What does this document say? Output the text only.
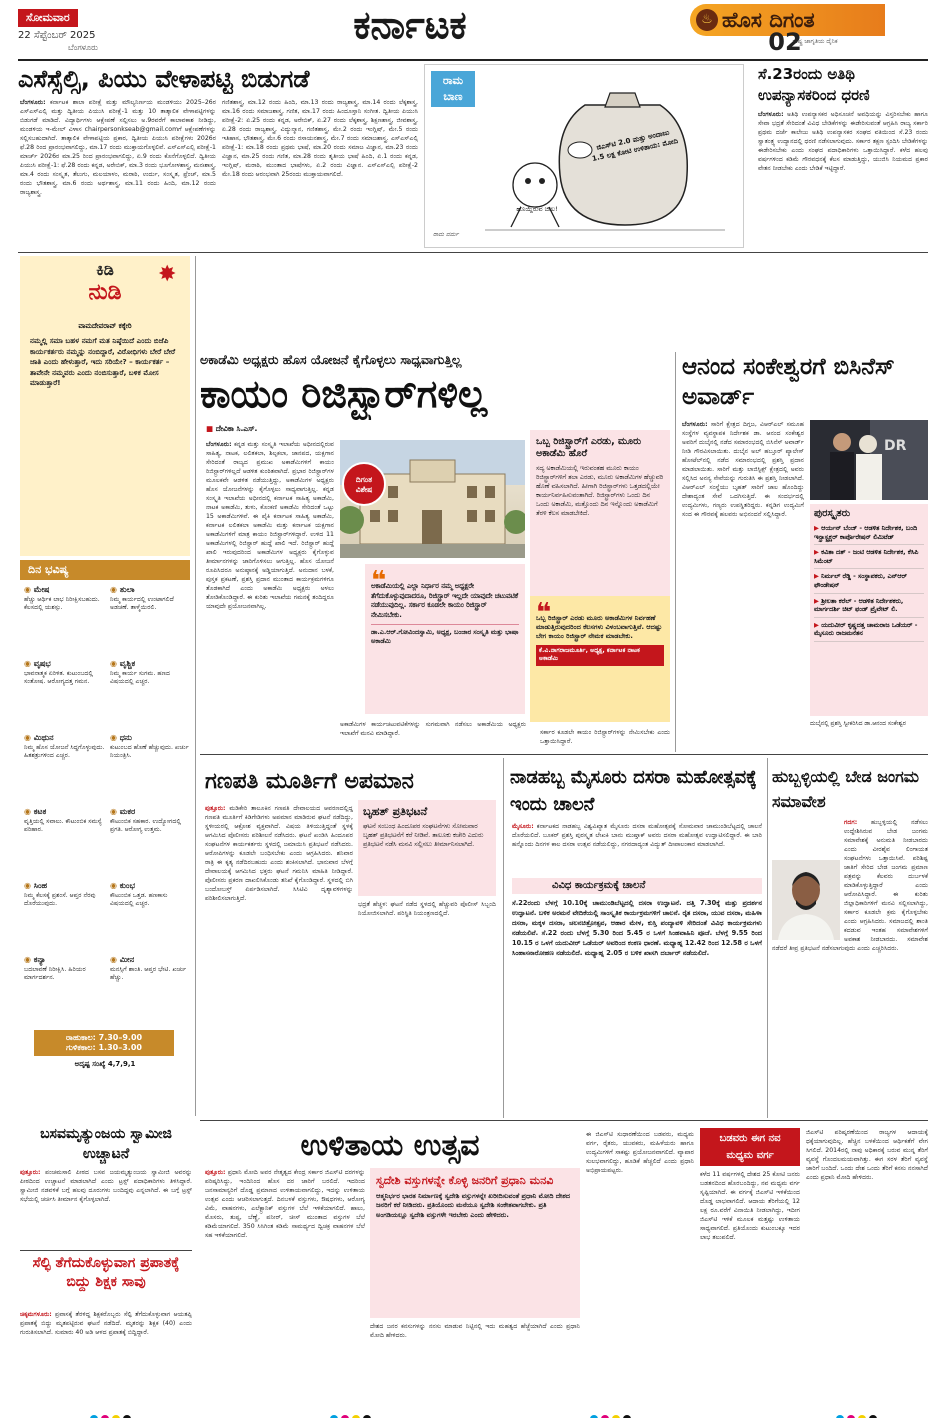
ಸೋಮವಾರ
22 ಸೆಪ್ಟೆಂಬರ್ 2025
ಬೆಂಗಳೂರು
ಕರ್ನಾಟಕ	♨ ಹೊಸ ದಿಗಂತ
ರಾಷ್ಟ್ರ ಜಾಗೃತಿಯ ದೈನಿಕ
02
ಎಸೆಸ್ಸೆಲ್ಸಿ, ಪಿಯು ವೇಳಾಪಟ್ಟಿ ಬಿಡುಗಡೆ
ಬೆಂಗಳೂರು: ಕರ್ನಾಟಕ ಶಾಲಾ ಪರೀಕ್ಷೆ ಮತ್ತು ಮೌಲ್ಯನಿರ್ಣಯ ಮಂಡಳಿಯು 2025–26ರ ಎಸ್ಎಸ್ಎಲ್ಸಿ ಮತ್ತು ದ್ವಿತೀಯ ಪಿಯುಸಿ ಪರೀಕ್ಷೆ-1 ಮತ್ತು 10 ತಾತ್ಕಾಲಿಕ ವೇಳಾಪಟ್ಟಿಗಳನ್ನು ಬಿಡುಗಡೆ ಮಾಡಿದೆ. ವಿದ್ಯಾರ್ಥಿಗಳು ಆಕ್ಷೇಪಣೆ ಸಲ್ಲಿಸಲು ಅ.9ರವರೆಗೆ ಕಾಲಾವಕಾಶ ನೀಡಿದ್ದು, ಮಂಡಳಿಯ ಇ-ಮೇಲ್ ವಿಳಾಸ chairpersonkseab@gmail.comಗೆ ಆಕ್ಷೇಪಣೆಗಳನ್ನು ಸಲ್ಲಿಸಬಹುದಾಗಿದೆ. ತಾತ್ಕಾಲಿಕ ವೇಳಾಪಟ್ಟಿಯ ಪ್ರಕಾರ, ದ್ವಿತೀಯ ಪಿಯುಸಿ ಪರೀಕ್ಷೆಗಳು 2026ರ ಫೆ.28 ರಿಂದ ಪ್ರಾರಂಭವಾಗಲಿದ್ದು, ಮಾ.17 ರಂದು ಮುಕ್ತಾಯಗೊಳ್ಳಲಿವೆ. ಎಸ್ಎಸ್ಎಲ್ಸಿ ಪರೀಕ್ಷೆ-1 ಮಾರ್ಚ್ 2026ರ ಮಾ.25 ರಿಂದ ಪ್ರಾರಂಭವಾಗಲಿದ್ದು, ಏ.9 ರಂದು ಕೊನೆಗೊಳ್ಳಲಿದೆ. ದ್ವಿತೀಯ ಪಿಯುಸಿ ಪರೀಕ್ಷೆ-1: ಫೆ.28 ರಂದು ಕನ್ನಡ, ಅರೇಬಿಕ್, ಮಾ.3 ರಂದು ಭೂಗೋಳಶಾಸ್ತ್ರ, ಮನಃಶಾಸ್ತ್ರ, ಮಾ.4 ರಂದು ಸಂಸ್ಕೃತ, ತೆಲುಗು, ಮಲಯಾಳಂ, ಮರಾಠಿ, ಉರ್ದು, ಸಂಸ್ಕೃತ, ಫ್ರೆಂಚ್, ಮಾ.5 ರಂದು ಭೌತಶಾಸ್ತ್ರ, ಮಾ.6 ರಂದು ಅರ್ಥಶಾಸ್ತ್ರ, ಮಾ.11 ರಂದು ಹಿಂದಿ, ಮಾ.12 ರಂದು ರಾಜ್ಯಶಾಸ್ತ್ರ.
ಗಣಿತಶಾಸ್ತ್ರ, ಮಾ.12 ರಂದು ಹಿಂದಿ, ಮಾ.13 ರಂದು ರಾಜ್ಯಶಾಸ್ತ್ರ, ಮಾ.14 ರಂದು ಲೆಕ್ಕಶಾಸ್ತ್ರ, ಮಾ.16 ರಂದು ಸಮಾಜಶಾಸ್ತ್ರ, ಗಣಿತ, ಮಾ.17 ರಂದು ಹಿಂದೂಸ್ತಾನಿ ಸಂಗೀತ. ದ್ವಿತೀಯ ಪಿಯುಸಿ ಪರೀಕ್ಷೆ-2: ಏ.25 ರಂದು ಕನ್ನಡ, ಅರೇಬಿಕ್, ಏ.27 ರಂದು ಲೆಕ್ಕಶಾಸ್ತ್ರ, ಶಿಕ್ಷಣಶಾಸ್ತ್ರ, ಜೀವಶಾಸ್ತ್ರ, ಏ.28 ರಂದು ರಾಜ್ಯಶಾಸ್ತ್ರ, ವಿದ್ಯುನ್ಮಾನ, ಗಣಿತಶಾಸ್ತ್ರ, ಮೇ.2 ರಂದು ಇಂಗ್ಲಿಷ್, ಮೇ.5 ರಂದು ಇತಿಹಾಸ, ಭೌತಶಾಸ್ತ್ರ, ಮೇ.6 ರಂದು ರಸಾಯನಶಾಸ್ತ್ರ, ಮೇ.7 ರಂದು ಸಮಾಜಶಾಸ್ತ್ರ. ಎಸ್ಎಸ್ಎಲ್ಸಿ ಪರೀಕ್ಷೆ-1: ಮಾ.18 ರಂದು ಪ್ರಥಮ ಭಾಷೆ, ಮಾ.20 ರಂದು ಸಮಾಜ ವಿಜ್ಞಾನ, ಮಾ.23 ರಂದು ವಿಜ್ಞಾನ, ಮಾ.25 ರಂದು ಗಣಿತ, ಮಾ.28 ರಂದು ತೃತೀಯ ಭಾಷೆ ಹಿಂದಿ, ಏ.1 ರಂದು ಕನ್ನಡ, ಇಂಗ್ಲಿಷ್, ಮರಾಠಿ, ಮುಂತಾದ ಭಾಷೆಗಳು, ಏ.2 ರಂದು ವಿಜ್ಞಾನ. ಎಸ್ಎಸ್ಎಲ್ಸಿ ಪರೀಕ್ಷೆ-2 ಮೇ.18 ರಂದು ಆರಂಭವಾಗಿ 25ರಂದು ಮುಕ್ತಾಯವಾಗಲಿದೆ.
ರಾಮ
ಬಾಣ
ಜಿಎಸ್‌ಟಿ 2.0 ಮತ್ತು ಅಂದಾಜು 1.5 ಲಕ್ಷ ಕೋಟಿ ಉಳಿತಾಯ: ಮೋದಿ
ಹೊಯ್ದಿರುವ ಚೀಲ!
ರಾಮ ವರ್ಮ
ಸೆ.23ರಂದು ಅತಿಥಿ ಉಪನ್ಯಾಸಕರಿಂದ ಧರಣಿ
ಬೆಂಗಳೂರು: ಅತಿಥಿ ಉಪನ್ಯಾಸಕರ ಅಧಿಸೂಚನೆ ಅವಧಿಯನ್ನು ವಿಸ್ತರಿಸಬೇಕು ಹಾಗೂ ಸೇವಾ ಭದ್ರತೆ ಸೇರಿದಂತೆ ವಿವಿಧ ಬೇಡಿಕೆಗಳನ್ನು ಈಡೇರಿಸುವಂತೆ ಆಗ್ರಹಿಸಿ ರಾಜ್ಯ ಸರ್ಕಾರಿ ಪ್ರಥಮ ದರ್ಜೆ ಕಾಲೇಜು ಅತಿಥಿ ಉಪನ್ಯಾಸಕರ ಸಂಘದ ವತಿಯಿಂದ ಸೆ.23 ರಂದು ಸ್ವಾತಂತ್ರ್ಯ ಉದ್ಯಾನದಲ್ಲಿ ಧರಣಿ ನಡೆಸಲಾಗುವುದು. ಸರ್ಕಾರ ತಕ್ಷಣ ಸ್ಪಂದಿಸಿ ಬೇಡಿಕೆಗಳನ್ನು ಈಡೇರಿಸಬೇಕು ಎಂದು ಸಂಘದ ಪದಾಧಿಕಾರಿಗಳು ಒತ್ತಾಯಿಸಿದ್ದಾರೆ. ಕಳೆದ ಹಲವು ವರ್ಷಗಳಿಂದ ಕಡಿಮೆ ಗೌರವಧನಕ್ಕೆ ಕೆಲಸ ಮಾಡುತ್ತಿದ್ದು, ಯುಜಿಸಿ ನಿಯಮದ ಪ್ರಕಾರ ವೇತನ ನೀಡಬೇಕು ಎಂದು ಬೇಡಿಕೆ ಇಟ್ಟಿದ್ದಾರೆ.
ಕಿಡಿ
ನುಡಿ
✸
ವಾಮದೇವರಾವ್ ಕಕ್ಕೇರಿ
ನಮ್ಮಲ್ಲಿ ಸಮಾ ಬಹಳ ನಮಗೆ ಮತ ನಿಷ್ಠೆಯಿದೆ ಎಂದು ಬಿಜೆಪಿ ಕಾರ್ಯಕರ್ತರು ನಮ್ಮನ್ನು ನಂಬಿದ್ದಾರೆ, ವಿರೋಧಿಗಳು ಬೇರೆ ಬೇರೆ ಜಾತಿ ಎಂದು ಹೇಳುತ್ತಾರೆ, ಇದು ಸರಿಯೇ? – ಕಾರ್ಯಕರ್ತ – ತಾವೇನೇ ನಮ್ಮವರು ಎಂದು ನಂಬಿಸುತ್ತಾರೆ, ಬಳಿಕ ಮೋಸ ಮಾಡುತ್ತಾರೆ!
ದಿನ ಭವಿಷ್ಯ
◉ ಮೇಷ
ಹೆಚ್ಚು ಆರ್ಥಿಕ ಲಾಭ ನಿರೀಕ್ಷಿಸಬಹುದು. ಕೆಲಸದಲ್ಲಿ ಯಶಸ್ಸು.
◉ ತುಲಾ
ನಿಮ್ಮ ಕಾರ್ಯದಲ್ಲಿ ಉಂಟಾಗಲಿದೆ ಅಡಚಣೆ. ತಾಳ್ಮೆಯಿರಲಿ.
◉ ವೃಷಭ
ಭಾವನಾತ್ಮಕ ಏರಿಳಿತ. ಕುಟುಂಬದಲ್ಲಿ ಸಂತೋಷ. ಆರೋಗ್ಯದತ್ತ ಗಮನ.
◉ ವೃಶ್ಚಿಕ
ನಿಮ್ಮ ಕಾರ್ಯ ಸುಗಮ. ಹಣದ ವಿಷಯದಲ್ಲಿ ಎಚ್ಚರ.
◉ ಮಿಥುನ
ನಿಮ್ಮ ಹೊಸ ಯೋಜನೆ ಸಿದ್ಧಗೊಳ್ಳುವುದು. ಹಿತಶತ್ರುಗಳಿಂದ ಎಚ್ಚರ.
◉ ಧನು
ಕುಟುಂಬದ ಹೊಣೆ ಹೆಚ್ಚುವುದು. ಖರ್ಚು ನಿಯಂತ್ರಿಸಿ.
◉ ಕಟಕ
ವೃತ್ತಿಯಲ್ಲಿ ಸವಾಲು. ಕೌಟುಂಬಿಕ ಸಮಸ್ಯೆ ಪರಿಹಾರ.
◉ ಮಕರ
ಕೌಟುಂಬಿಕ ಸಹಕಾರ. ಉದ್ಯೋಗದಲ್ಲಿ ಪ್ರಗತಿ. ಆರೋಗ್ಯ ಉತ್ತಮ.
◉ ಸಿಂಹ
ನಿಮ್ಮ ಕೆಲಸಕ್ಕೆ ಪ್ರಶಂಸೆ. ಆಪ್ತರ ನೆರವು ದೊರೆಯುವುದು.
◉ ಕುಂಭ
ಕೌಟುಂಬಿಕ ಒತ್ತಡ. ಹಣಕಾಸು ವಿಷಯದಲ್ಲಿ ಎಚ್ಚರ.
◉ ಕನ್ಯಾ
ಬದಲಾವಣೆ ನಿರೀಕ್ಷಿಸಿ. ಹಿರಿಯರ ಮಾರ್ಗದರ್ಶನ.
◉ ಮೀನ
ಮನಸ್ಸಿಗೆ ಶಾಂತಿ. ಆಪ್ತರ ಭೇಟಿ. ಖರ್ಚು ಹೆಚ್ಚು.
ರಾಹುಕಾಲ: 7.30–9.00
ಗುಳಿಕಕಾಲ: 1.30–3.00
ಅದೃಷ್ಟ ಸಂಖ್ಯೆ 4,7,9,1
ಅಕಾಡೆಮಿ ಅಧ್ಯಕ್ಷರು ಹೊಸ ಯೋಜನೆ ಕೈಗೊಳ್ಳಲು ಸಾಧ್ಯವಾಗುತ್ತಿಲ್ಲ
ಕಾಯಂ ರಿಜಿಸ್ಟ್ರಾರ್‌ಗಳಿಲ್ಲ
■ ದೇವಿಕಾ ಸಿ.ಎಸ್.
ಬೆಂಗಳೂರು: ಕನ್ನಡ ಮತ್ತು ಸಂಸ್ಕೃತಿ ಇಲಾಖೆಯ ಅಧೀನದಲ್ಲಿರುವ ಸಾಹಿತ್ಯ, ನಾಟಕ, ಲಲಿತಕಲಾ, ಶಿಲ್ಪಕಲಾ, ಜಾನಪದ, ಯಕ್ಷಗಾನ ಸೇರಿದಂತೆ ರಾಜ್ಯದ ಪ್ರಮುಖ ಅಕಾಡೆಮಿಗಳಿಗೆ ಕಾಯಂ ರಿಜಿಸ್ಟ್ರಾರ್‌ಗಳಿಲ್ಲದೆ ಆಡಳಿತ ಕುಂಠಿತವಾಗಿದೆ. ಪ್ರಭಾರ ರಿಜಿಸ್ಟ್ರಾರ್‌ಗಳ ಮೂಲಕವೇ ಆಡಳಿತ ನಡೆಯುತ್ತಿದ್ದು, ಅಕಾಡೆಮಿಗಳ ಅಧ್ಯಕ್ಷರು ಹೊಸ ಯೋಜನೆಗಳನ್ನು ಕೈಗೊಳ್ಳಲು ಸಾಧ್ಯವಾಗುತ್ತಿಲ್ಲ. ಕನ್ನಡ ಸಂಸ್ಕೃತಿ ಇಲಾಖೆಯ ಅಧೀನದಲ್ಲಿ ಕರ್ನಾಟಕ ಸಾಹಿತ್ಯ ಅಕಾಡೆಮಿ, ನಾಟಕ ಅಕಾಡೆಮಿ, ತುಳು, ಕೊಂಕಣಿ ಅಕಾಡೆಮಿ ಸೇರಿದಂತೆ ಒಟ್ಟು 15 ಅಕಾಡೆಮಿಗಳಿವೆ. ಈ ಪೈಕಿ ಕರ್ನಾಟಕ ಸಾಹಿತ್ಯ ಅಕಾಡೆಮಿ, ಕರ್ನಾಟಕ ಲಲಿತಕಲಾ ಅಕಾಡೆಮಿ ಮತ್ತು ಕರ್ನಾಟಕ ಯಕ್ಷಗಾನ ಅಕಾಡೆಮಿಗಳಿಗೆ ಮಾತ್ರ ಕಾಯಂ ರಿಜಿಸ್ಟ್ರಾರ್‌ಗಳಿದ್ದಾರೆ. ಉಳಿದ 11 ಅಕಾಡೆಮಿಗಳಲ್ಲಿ ರಿಜಿಸ್ಟ್ರಾರ್ ಹುದ್ದೆ ಖಾಲಿ ಇದೆ. ರಿಜಿಸ್ಟ್ರಾರ್ ಹುದ್ದೆ ಖಾಲಿ ಇರುವುದರಿಂದ ಅಕಾಡೆಮಿಗಳ ಅಧ್ಯಕ್ಷರು ಕೈಗೊಳ್ಳುವ ತೀರ್ಮಾನಗಳನ್ನು ಜಾರಿಗೊಳಿಸಲು ಆಗುತ್ತಿಲ್ಲ. ಹೊಸ ಯೋಜನೆ ರೂಪಿಸಿದರೂ ಅನುಷ್ಠಾನಕ್ಕೆ ಅಡ್ಡಿಯಾಗುತ್ತಿದೆ. ಅನುದಾನ ಬಳಕೆ, ಪುಸ್ತಕ ಪ್ರಕಟಣೆ, ಪ್ರಶಸ್ತಿ ಪ್ರದಾನ ಮುಂತಾದ ಕಾರ್ಯಕ್ರಮಗಳಿಗೂ ತೊಡಕಾಗಿದೆ ಎಂದು ಅಕಾಡೆಮಿ ಅಧ್ಯಕ್ಷರು ಅಳಲು ತೋಡಿಕೊಂಡಿದ್ದಾರೆ. ಈ ಕುರಿತು ಇಲಾಖೆಯ ಗಮನಕ್ಕೆ ತಂದಿದ್ದರೂ ಯಾವುದೇ ಪ್ರಯೋಜನವಾಗಿಲ್ಲ.
ದಿಗಂತ
ವಿಶೇಷ
ಒಬ್ಬ ರಿಜಿಸ್ಟ್ರಾರ್‌ಗೆ ಎರಡು, ಮೂರು ಅಕಾಡೆಮಿ ಹೊರೆ
ಸದ್ಯ ಅಕಾಡೆಮಿಯಲ್ಲಿ ಇರುವಂತಹ ಮೂರು ಕಾಯಂ ರಿಜಿಸ್ಟ್ರಾರ್‌ಗಳಿಗೆ ತಲಾ ಎರಡು, ಮೂರು ಅಕಾಡೆಮಿಗಳ ಹೆಚ್ಚುವರಿ ಹೊಣೆ ವಹಿಸಲಾಗಿದೆ. ಹೀಗಾಗಿ ರಿಜಿಸ್ಟ್ರಾರ್‌ಗಳು ಒತ್ತಡದಲ್ಲಿಯೇ ಕಾರ್ಯನಿರ್ವಹಿಸುವಂತಾಗಿದೆ. ರಿಜಿಸ್ಟ್ರಾರ್‌ಗಳು ಒಂದು ದಿನ ಒಂದು ಅಕಾಡೆಮಿ, ಮತ್ತೊಂದು ದಿನ ಇನ್ನೊಂದು ಅಕಾಡೆಮಿಗೆ ತೆರಳಿ ಕೆಲಸ ಮಾಡಬೇಕಿದೆ.
❝
ಅಕಾಡೆಮಿಯಲ್ಲಿ ಎಲ್ಲಾ ನಿರ್ಧಾರ ನಮ್ಮ ಅಧ್ಯಕ್ಷರೇ ತೆಗೆದುಕೊಳ್ಳುವುದಾದರೂ, ರಿಜಿಸ್ಟ್ರಾರ್ ಇಲ್ಲದೇ ಯಾವುದೇ ಚಟುವಟಿಕೆ ನಡೆಯುವುದಿಲ್ಲ. ಸರ್ಕಾರ ಕೂಡಲೇ ಕಾಯಂ ರಿಜಿಸ್ಟ್ರಾರ್ ನೇಮಿಸಬೇಕು.
ಡಾ.ಎ.ಆರ್.ಗೋವಿಂದಸ್ವಾಮಿ, ಅಧ್ಯಕ್ಷ, ಬಂಜಾರ ಸಂಸ್ಕೃತಿ ಮತ್ತು ಭಾಷಾ ಅಕಾಡೆಮಿ
❝
ಒಬ್ಬ ರಿಜಿಸ್ಟ್ರಾರ್ ಎರಡು ಮೂರು ಅಕಾಡೆಮಿಗಳ ನಿರ್ವಹಣೆ ಮಾಡುತ್ತಿರುವುದರಿಂದ ಕೆಲಸಗಳು ವಿಳಂಬವಾಗುತ್ತಿವೆ. ಆದಷ್ಟು ಬೇಗ ಕಾಯಂ ರಿಜಿಸ್ಟ್ರಾರ್ ನೇಮಕ ಮಾಡಬೇಕು.
ಕೆ.ವಿ.ನಾಗರಾಜಮೂರ್ತಿ, ಅಧ್ಯಕ್ಷ, ಕರ್ನಾಟಕ ನಾಟಕ ಅಕಾಡೆಮಿ
ಅಕಾಡೆಮಿಗಳ ಕಾರ್ಯಚಟುವಟಿಕೆಗಳನ್ನು ಸುಗಮವಾಗಿ ನಡೆಸಲು ಅಕಾಡೆಮಿಯ ಅಧ್ಯಕ್ಷರು ಇಲಾಖೆಗೆ ಮನವಿ ಮಾಡಿದ್ದಾರೆ.	ಸರ್ಕಾರ ಕೂಡಲೇ ಕಾಯಂ ರಿಜಿಸ್ಟ್ರಾರ್‌ಗಳನ್ನು ನೇಮಿಸಬೇಕು ಎಂದು ಒತ್ತಾಯಿಸಿದ್ದಾರೆ.
ಆನಂದ ಸಂಕೇಶ್ವರಗೆ ಬಿಸಿನೆಸ್ ಅವಾರ್ಡ್
ಬೆಂಗಳೂರು: ಸಾರಿಗೆ ಕ್ಷೇತ್ರದ ದಿಗ್ಗಜ, ವಿಆರ್‌ಎಲ್ ಸಮೂಹ ಸಂಸ್ಥೆಗಳ ವ್ಯವಸ್ಥಾಪಕ ನಿರ್ದೇಶಕ ಡಾ. ಆನಂದ ಸಂಕೇಶ್ವರ ಅವರಿಗೆ ದುಬೈನಲ್ಲಿ ನಡೆದ ಸಮಾರಂಭದಲ್ಲಿ ಬಿಸಿನೆಸ್ ಅವಾರ್ಡ್ ನೀಡಿ ಗೌರವಿಸಲಾಯಿತು. ದುಬೈನ ಅಲ್ ಹಬ್ತೂರ್ ಪ್ಯಾಲೇಸ್ ಹೋಟೆಲ್‌ನಲ್ಲಿ ನಡೆದ ಸಮಾರಂಭದಲ್ಲಿ ಪ್ರಶಸ್ತಿ ಪ್ರದಾನ ಮಾಡಲಾಯಿತು. ಸಾರಿಗೆ ಮತ್ತು ಲಾಜಿಸ್ಟಿಕ್ಸ್ ಕ್ಷೇತ್ರದಲ್ಲಿ ಅವರು ಸಲ್ಲಿಸಿದ ಅನನ್ಯ ಸೇವೆಯನ್ನು ಗುರುತಿಸಿ ಈ ಪ್ರಶಸ್ತಿ ನೀಡಲಾಗಿದೆ. ವಿಆರ್‌ಎಲ್ ಸಂಸ್ಥೆಯು ಬೃಹತ್ ಸಾರಿಗೆ ಜಾಲ ಹೊಂದಿದ್ದು ದೇಶಾದ್ಯಂತ ಸೇವೆ ಒದಗಿಸುತ್ತಿದೆ. ಈ ಸಂದರ್ಭದಲ್ಲಿ ಉದ್ಯಮಿಗಳು, ಗಣ್ಯರು ಉಪಸ್ಥಿತರಿದ್ದರು. ಕನ್ನಡಿಗ ಉದ್ಯಮಿಗೆ ಸಂದ ಈ ಗೌರವಕ್ಕೆ ಹಲವರು ಅಭಿನಂದನೆ ಸಲ್ಲಿಸಿದ್ದಾರೆ.
DR
ಪುರಸ್ಕೃತರು
▶ ಆರ್ಯನ್ ಬೆಂಜ್ - ಆಡಳಿತ ನಿರ್ದೇಶಕ, ಬಂದಿ ಇನ್ಫ್ರಾಸ್ಟ್ರಕ್ಚರ್ ಕಾರ್ಪೊರೇಷನ್ ಲಿಮಿಟೆಡ್
▶ ಕವಿತಾ ದತ್ - ಜಂಟಿ ಆಡಳಿತ ನಿರ್ದೇಶಕ, ಕೆಸಿಪಿ ಸಿಮೆಂಟ್
▶ ನಿರ್ಮಲ್ ರೆಡ್ಡಿ - ಸಂಸ್ಥಾಪಕರು, ಎನ್ಆರ್ ಫೌಂಡೇಷನ್
▶ ಶ್ರೀಲತಾ ಕರೆಲ್ - ಆಡಳಿತ ನಿರ್ದೇಶಕರು, ಮಾರ್ಗದರ್ಶಿ ಚಿಟ್ ಫಂಡ್ ಪ್ರೈವೇಟ್ ಲಿ.
▶ ಯದುವೀರ್ ಕೃಷ್ಣದತ್ತ ಚಾಮರಾಜ ಒಡೆಯರ್ - ಮೈಸೂರು ರಾಜಮನೆತನ
ದುಬೈನಲ್ಲಿ ಪ್ರಶಸ್ತಿ ಸ್ವೀಕರಿಸಿದ ಡಾ.ಆನಂದ ಸಂಕೇಶ್ವರ
ಗಣಪತಿ ಮೂರ್ತಿಗೆ ಅಪಮಾನ
ಪುತ್ತೂರು: ಮಡಿಕೇರಿ ತಾಲೂಕಿನ ಗಣಪತಿ ದೇವಾಲಯದ ಆವರಣದಲ್ಲಿದ್ದ ಗಣಪತಿ ಮೂರ್ತಿಗೆ ಕಿಡಿಗೇಡಿಗಳು ಅಪಮಾನ ಮಾಡಿರುವ ಘಟನೆ ನಡೆದಿದ್ದು, ಸ್ಥಳೀಯರಲ್ಲಿ ಆಕ್ರೋಶ ವ್ಯಕ್ತವಾಗಿದೆ. ವಿಷಯ ತಿಳಿಯುತ್ತಿದ್ದಂತೆ ಸ್ಥಳಕ್ಕೆ ಆಗಮಿಸಿದ ಪೊಲೀಸರು ಪರಿಶೀಲನೆ ನಡೆಸಿದರು. ಘಟನೆ ಖಂಡಿಸಿ ಹಿಂದೂಪರ ಸಂಘಟನೆಗಳ ಕಾರ್ಯಕರ್ತರು ಸ್ಥಳದಲ್ಲಿ ಜಮಾಯಿಸಿ ಪ್ರತಿಭಟನೆ ನಡೆಸಿದರು. ಆರೋಪಿಗಳನ್ನು ಕೂಡಲೇ ಬಂಧಿಸಬೇಕು ಎಂದು ಆಗ್ರಹಿಸಿದರು. ಶನಿವಾರ ರಾತ್ರಿ ಈ ಕೃತ್ಯ ನಡೆದಿರಬಹುದು ಎಂದು ಶಂಕಿಸಲಾಗಿದೆ. ಭಾನುವಾರ ಬೆಳಗ್ಗೆ ದೇವಾಲಯಕ್ಕೆ ಆಗಮಿಸಿದ ಭಕ್ತರು ಘಟನೆ ಗಮನಿಸಿ ಮಾಹಿತಿ ನೀಡಿದ್ದಾರೆ. ಪೊಲೀಸರು ಪ್ರಕರಣ ದಾಖಲಿಸಿಕೊಂಡು ತನಿಖೆ ಕೈಗೊಂಡಿದ್ದಾರೆ. ಸ್ಥಳದಲ್ಲಿ ಬಿಗಿ ಬಂದೋಬಸ್ತ್ ಏರ್ಪಡಿಸಲಾಗಿದೆ. ಸಿಸಿಟಿವಿ ದೃಶ್ಯಾವಳಿಗಳನ್ನು ಪರಿಶೀಲಿಸಲಾಗುತ್ತಿದೆ.
ಬೃಹತ್ ಪ್ರತಿಭಟನೆ
ಘಟನೆ ಸಂಬಂಧ ಹಿಂದೂಪರ ಸಂಘಟನೆಗಳು ಸೋಮವಾರ ಬೃಹತ್ ಪ್ರತಿಭಟನೆಗೆ ಕರೆ ನೀಡಿವೆ. ತಾಲೂಕು ಕಚೇರಿ ಎದುರು ಪ್ರತಿಭಟನೆ ನಡೆಸಿ ಮನವಿ ಸಲ್ಲಿಸಲು ತೀರ್ಮಾನಿಸಲಾಗಿದೆ.
ಭದ್ರತೆ ಹೆಚ್ಚಳ: ಘಟನೆ ನಡೆದ ಸ್ಥಳದಲ್ಲಿ ಹೆಚ್ಚುವರಿ ಪೊಲೀಸ್ ಸಿಬ್ಬಂದಿ ನಿಯೋಜಿಸಲಾಗಿದೆ. ಪರಿಸ್ಥಿತಿ ನಿಯಂತ್ರಣದಲ್ಲಿದೆ.
ನಾಡಹಬ್ಬ ಮೈಸೂರು ದಸರಾ ಮಹೋತ್ಸವಕ್ಕೆ ಇಂದು ಚಾಲನೆ
ಮೈಸೂರು: ಕರ್ನಾಟಕದ ನಾಡಹಬ್ಬ ವಿಶ್ವವಿಖ್ಯಾತ ಮೈಸೂರು ದಸರಾ ಮಹೋತ್ಸವಕ್ಕೆ ಸೋಮವಾರ ಚಾಮುಂಡಿಬೆಟ್ಟದಲ್ಲಿ ಚಾಲನೆ ದೊರೆಯಲಿದೆ. ಬೂಕರ್ ಪ್ರಶಸ್ತಿ ಪುರಸ್ಕೃತ ಲೇಖಕಿ ಬಾನು ಮುಷ್ತಾಕ್ ಅವರು ದಸರಾ ಮಹೋತ್ಸವ ಉದ್ಘಾಟಿಸಲಿದ್ದಾರೆ. ಈ ಬಾರಿ ಹನ್ನೊಂದು ದಿನಗಳ ಕಾಲ ದಸರಾ ಉತ್ಸವ ನಡೆಯಲಿದ್ದು, ನಗರದಾದ್ಯಂತ ವಿದ್ಯುತ್ ದೀಪಾಲಂಕಾರ ಮಾಡಲಾಗಿದೆ.
ವಿವಿಧ ಕಾರ್ಯಕ್ರಮಕ್ಕೆ ಚಾಲನೆ
ಸೆ.22ರಂದು ಬೆಳಗ್ಗೆ 10.10ಕ್ಕೆ ಚಾಮುಂಡಿಬೆಟ್ಟದಲ್ಲಿ ದಸರಾ ಉದ್ಘಾಟನೆ. ದತ್ತಿ 7.30ಕ್ಕೆ ಮತ್ತು ಪ್ರದರ್ಶನ ಉದ್ಘಾಟನೆ. ಬಳಿಕ ಅರಮನೆ ವೇದಿಕೆಯಲ್ಲಿ ಸಾಂಸ್ಕೃತಿಕ ಕಾರ್ಯಕ್ರಮಗಳಿಗೆ ಚಾಲನೆ. ರೈತ ದಸರಾ, ಯುವ ದಸರಾ, ಮಹಿಳಾ ದಸರಾ, ಮಕ್ಕಳ ದಸರಾ, ಚಲನಚಿತ್ರೋತ್ಸವ, ಆಹಾರ ಮೇಳ, ಕುಸ್ತಿ ಪಂದ್ಯಾವಳಿ ಸೇರಿದಂತೆ ವಿವಿಧ ಕಾರ್ಯಕ್ರಮಗಳು ನಡೆಯಲಿವೆ. ಸೆ.22 ರಂದು ಬೆಳಗ್ಗೆ 5.30 ರಿಂದ 5.45 ರ ಒಳಗೆ ಸಿಂಹವಾಹಿನಿ ಪೂಜೆ. ಬೆಳಗ್ಗೆ 9.55 ರಿಂದ 10.15 ರ ಒಳಗೆ ಯದುವೀರ್ ಒಡೆಯರ್ ಅವರಿಂದ ಕಂಕಣ ಧಾರಣೆ. ಮಧ್ಯಾಹ್ನ 12.42 ರಿಂದ 12.58 ರ ಒಳಗೆ ಸಿಂಹಾಸನಾರೋಹಣ ನಡೆಯಲಿದೆ. ಮಧ್ಯಾಹ್ನ 2.05 ರ ಬಳಿಕ ಖಾಸಗಿ ದರ್ಬಾರ್ ನಡೆಯಲಿದೆ.
ಹುಬ್ಬಳ್ಳಿಯಲ್ಲಿ ಬೇಡ ಜಂಗಮ ಸಮಾವೇಶ
ಗದಗ: ಹುಬ್ಬಳ್ಳಿಯಲ್ಲಿ ನಡೆಸಲು ಉದ್ದೇಶಿಸಿರುವ ಬೇಡ ಜಂಗಮ ಸಮಾವೇಶಕ್ಕೆ ಅನುಮತಿ ನೀಡಬಾರದು ಎಂದು ವೀರಶೈವ ಲಿಂಗಾಯತ ಸಂಘಟನೆಗಳು ಒತ್ತಾಯಿಸಿವೆ. ಪರಿಶಿಷ್ಟ ಜಾತಿಗೆ ಸೇರಿದ ಬೇಡ ಜಂಗಮ ಪ್ರಮಾಣ ಪತ್ರವನ್ನು ಕೆಲವರು ದುರ್ಬಳಕೆ ಮಾಡಿಕೊಳ್ಳುತ್ತಿದ್ದಾರೆ ಎಂದು ಆರೋಪಿಸಿದ್ದಾರೆ. ಈ ಕುರಿತು ಜಿಲ್ಲಾಧಿಕಾರಿಗಳಿಗೆ ಮನವಿ ಸಲ್ಲಿಸಲಾಗಿದ್ದು, ಸರ್ಕಾರ ಕೂಡಲೇ ಕ್ರಮ ಕೈಗೊಳ್ಳಬೇಕು ಎಂದು ಆಗ್ರಹಿಸಿದರು. ಸಮಾಜದಲ್ಲಿ ಶಾಂತಿ ಕದಡುವ ಇಂತಹ ಸಮಾವೇಶಗಳಿಗೆ ಅವಕಾಶ ನೀಡಬಾರದು. ಸಮಾವೇಶ ನಡೆದರೆ ತೀವ್ರ ಪ್ರತಿಭಟನೆ ನಡೆಸಲಾಗುವುದು ಎಂದು ಎಚ್ಚರಿಸಿದರು.
ಬಸವಮೃತ್ಯುಂಜಯ ಸ್ವಾಮೀಜಿ ಉಚ್ಚಾಟನೆ
ಪುತ್ತೂರು: ಪಂಚಮಸಾಲಿ ಪೀಠದ ಬಸವ ಜಯಮೃತ್ಯುಂಜಯ ಸ್ವಾಮೀಜಿ ಅವರನ್ನು ಪೀಠದಿಂದ ಉಚ್ಚಾಟನೆ ಮಾಡಲಾಗಿದೆ ಎಂದು ಟ್ರಸ್ಟ್ ಪದಾಧಿಕಾರಿಗಳು ತಿಳಿಸಿದ್ದಾರೆ. ಸ್ವಾಮೀಜಿ ನಡವಳಿಕೆ ಬಗ್ಗೆ ಹಲವು ದೂರುಗಳು ಬಂದಿದ್ದವು ಎನ್ನಲಾಗಿದೆ. ಈ ಬಗ್ಗೆ ಟ್ರಸ್ಟ್ ಸಭೆಯಲ್ಲಿ ಚರ್ಚಿಸಿ ತೀರ್ಮಾನ ಕೈಗೊಳ್ಳಲಾಗಿದೆ.
ಸೆಲ್ಫಿ ತೆಗೆದುಕೊಳ್ಳುವಾಗ ಪ್ರಪಾತಕ್ಕೆ ಬಿದ್ದು ಶಿಕ್ಷಕ ಸಾವು
ಚಿಕ್ಕಮಗಳೂರು: ಪ್ರವಾಸಕ್ಕೆ ತೆರಳಿದ್ದ ಶಿಕ್ಷಕರೊಬ್ಬರು ಸೆಲ್ಫಿ ತೆಗೆದುಕೊಳ್ಳುವಾಗ ಆಯತಪ್ಪಿ ಪ್ರಪಾತಕ್ಕೆ ಬಿದ್ದು ಮೃತಪಟ್ಟಿರುವ ಘಟನೆ ನಡೆದಿದೆ. ಮೃತರನ್ನು ಶಿಕ್ಷಕ (40) ಎಂದು ಗುರುತಿಸಲಾಗಿದೆ. ಸುಮಾರು 40 ಅಡಿ ಆಳದ ಪ್ರಪಾತಕ್ಕೆ ಬಿದ್ದಿದ್ದಾರೆ.
ಉಳಿತಾಯ ಉತ್ಸವ
ಪುತ್ತೂರು: ಪ್ರಧಾನಿ ಮೋದಿ ಅವರ ನೇತೃತ್ವದ ಕೇಂದ್ರ ಸರ್ಕಾರ ಜಿಎಸ್‌ಟಿ ದರಗಳನ್ನು ಪರಿಷ್ಕರಿಸಿದ್ದು, ಇಂದಿನಿಂದ ಹೊಸ ದರ ಜಾರಿಗೆ ಬರಲಿದೆ. ಇದರಿಂದ ಜನಸಾಮಾನ್ಯರಿಗೆ ದೊಡ್ಡ ಪ್ರಮಾಣದ ಉಳಿತಾಯವಾಗಲಿದ್ದು, ಇದನ್ನು ಉಳಿತಾಯ ಉತ್ಸವ ಎಂದು ಆಚರಿಸಲಾಗುತ್ತದೆ. ದಿನಬಳಕೆ ವಸ್ತುಗಳು, ಔಷಧಗಳು, ಆರೋಗ್ಯ ವಿಮೆ, ವಾಹನಗಳು, ಎಲೆಕ್ಟ್ರಾನಿಕ್ ವಸ್ತುಗಳ ಬೆಲೆ ಇಳಿಕೆಯಾಗಲಿದೆ. ಹಾಲು, ಮೊಸರು, ತುಪ್ಪ, ಬೆಣ್ಣೆ, ಪನೀರ್, ಚೀಸ್ ಮುಂತಾದ ವಸ್ತುಗಳ ಬೆಲೆ ಕಡಿಮೆಯಾಗಲಿದೆ. 350 ಸಿಸಿಗಿಂತ ಕಡಿಮೆ ಸಾಮರ್ಥ್ಯದ ದ್ವಿಚಕ್ರ ವಾಹನಗಳ ಬೆಲೆ ಸಹ ಇಳಿಕೆಯಾಗಲಿದೆ.
ಸ್ವದೇಶಿ ವಸ್ತುಗಳನ್ನೇ ಕೊಳ್ಳಿ ಜನರಿಗೆ ಪ್ರಧಾನಿ ಮನವಿ
ಆತ್ಮನಿರ್ಭರ ಭಾರತ ನಿರ್ಮಾಣಕ್ಕೆ ಸ್ವದೇಶಿ ವಸ್ತುಗಳನ್ನೇ ಖರೀದಿಸುವಂತೆ ಪ್ರಧಾನಿ ಮೋದಿ ದೇಶದ ಜನರಿಗೆ ಕರೆ ನೀಡಿದರು. ಪ್ರತಿಯೊಂದು ಮನೆಯೂ ಸ್ವದೇಶಿ ಸಂಕೇತವಾಗಬೇಕು. ಪ್ರತಿ ಅಂಗಡಿಯಲ್ಲೂ ಸ್ವದೇಶಿ ವಸ್ತುಗಳೇ ಇರಬೇಕು ಎಂದು ಹೇಳಿದರು.
ದೇಶದ ಜನರ ಕನಸುಗಳನ್ನು ನನಸು ಮಾಡುವ ನಿಟ್ಟಿನಲ್ಲಿ ಇದು ಮಹತ್ವದ ಹೆಜ್ಜೆಯಾಗಿದೆ ಎಂದು ಪ್ರಧಾನಿ ಮೋದಿ ಹೇಳಿದರು.
ಈ ಜಿಎಸ್‌ಟಿ ಸುಧಾರಣೆಯಿಂದ ಬಡವರು, ಮಧ್ಯಮ ವರ್ಗ, ರೈತರು, ಯುವಕರು, ಮಹಿಳೆಯರು ಹಾಗೂ ಉದ್ಯಮಿಗಳಿಗೆ ಸಾಕಷ್ಟು ಪ್ರಯೋಜನವಾಗಲಿದೆ. ವ್ಯಾಪಾರ ಸುಲಭವಾಗಲಿದ್ದು, ಹೂಡಿಕೆ ಹೆಚ್ಚಲಿದೆ ಎಂದು ಪ್ರಧಾನಿ ಅಭಿಪ್ರಾಯಪಟ್ಟರು.
ಬಡವರು ಈಗ ನವ
ಮಧ್ಯಮ ವರ್ಗ
ಕಳೆದ 11 ವರ್ಷಗಳಲ್ಲಿ ದೇಶದ 25 ಕೋಟಿ ಜನರು ಬಡತನದಿಂದ ಹೊರಬಂದಿದ್ದು, ನವ ಮಧ್ಯಮ ವರ್ಗ ಸೃಷ್ಟಿಯಾಗಿದೆ. ಈ ವರ್ಗಕ್ಕೆ ಜಿಎಸ್‌ಟಿ ಇಳಿಕೆಯಿಂದ ದೊಡ್ಡ ಲಾಭವಾಗಲಿದೆ. ಆದಾಯ ತೆರಿಗೆಯಲ್ಲಿ 12 ಲಕ್ಷ ರೂ.ವರೆಗೆ ವಿನಾಯಿತಿ ನೀಡಲಾಗಿದ್ದು, ಇದೀಗ ಜಿಎಸ್‌ಟಿ ಇಳಿಕೆ ಮೂಲಕ ಮತ್ತಷ್ಟು ಉಳಿತಾಯ ಸಾಧ್ಯವಾಗಲಿದೆ. ಪ್ರತಿಯೊಂದು ಕುಟುಂಬಕ್ಕೂ ಇದರ ಲಾಭ ತಲುಪಲಿದೆ.
ಜಿಎಸ್‌ಟಿ ಪರಿಷ್ಕರಣೆಯಿಂದ ರಾಜ್ಯಗಳ ಆದಾಯಕ್ಕೆ ಧಕ್ಕೆಯಾಗುವುದಿಲ್ಲ. ಹೆಚ್ಚಿನ ಬಳಕೆಯಿಂದ ಆರ್ಥಿಕತೆಗೆ ವೇಗ ಸಿಗಲಿದೆ. 2014ರಲ್ಲಿ ನಾವು ಅಧಿಕಾರಕ್ಕೆ ಬರುವ ಮುನ್ನ ತೆರಿಗೆ ವ್ಯವಸ್ಥೆ ಗೊಂದಲಮಯವಾಗಿತ್ತು. ಈಗ ಸರಳ ತೆರಿಗೆ ವ್ಯವಸ್ಥೆ ಜಾರಿಗೆ ಬಂದಿದೆ. ಒಂದು ದೇಶ ಒಂದು ತೆರಿಗೆ ಕನಸು ನನಸಾಗಿದೆ ಎಂದು ಪ್ರಧಾನಿ ಮೋದಿ ಹೇಳಿದರು.
